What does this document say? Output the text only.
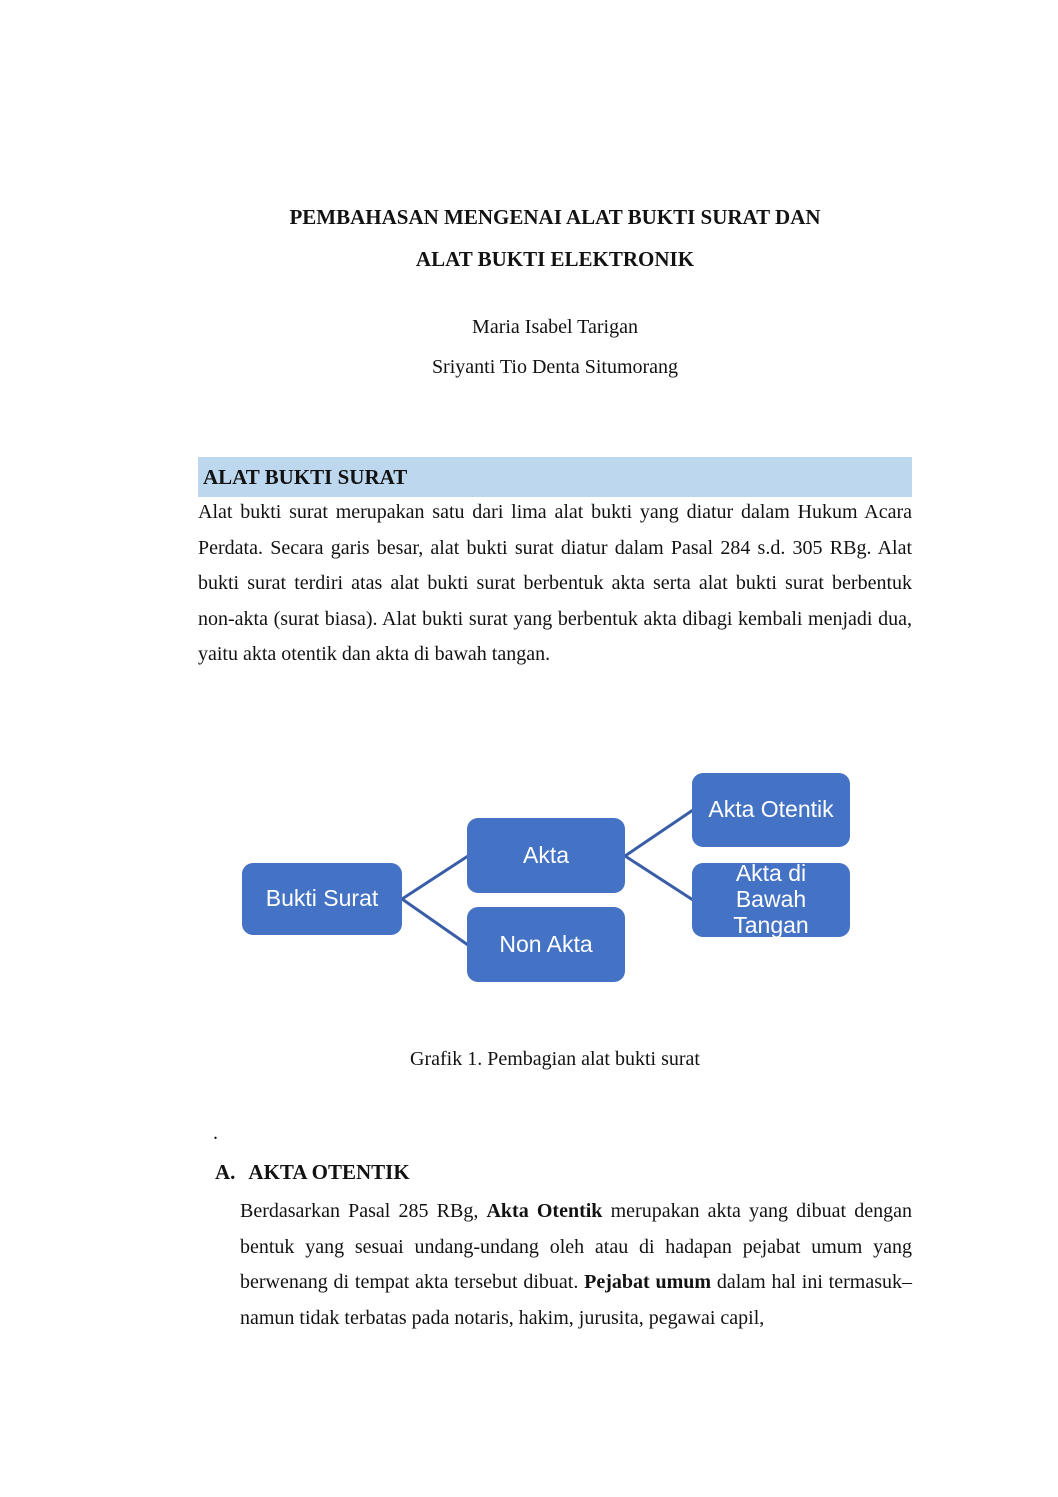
PEMBAHASAN MENGENAI ALAT BUKTI SURAT DAN
ALAT BUKTI ELEKTRONIK
Maria Isabel Tarigan
Sriyanti Tio Denta Situmorang
ALAT BUKTI SURAT

Alat bukti surat merupakan satu dari lima alat bukti yang diatur dalam Hukum Acara Perdata. Secara garis besar, alat bukti surat diatur dalam Pasal 284 s.d. 305 RBg. Alat bukti surat terdiri atas alat bukti surat berbentuk akta serta alat bukti surat berbentuk non-akta (surat biasa). Alat bukti surat yang berbentuk akta dibagi kembali menjadi dua, yaitu akta otentik dan akta di bawah tangan.

Bukti Surat
Akta
Non Akta
Akta Otentik
Akta di Bawah Tangan
Grafik 1. Pembagian alat bukti surat
.
A. AKTA OTENTIK

Berdasarkan Pasal 285 RBg, Akta Otentik merupakan akta yang dibuat dengan bentuk yang sesuai undang-undang oleh atau di hadapan pejabat umum yang berwenang di tempat akta tersebut dibuat. Pejabat umum dalam hal ini termasuk–namun tidak terbatas pada notaris, hakim, jurusita, pegawai capil,
